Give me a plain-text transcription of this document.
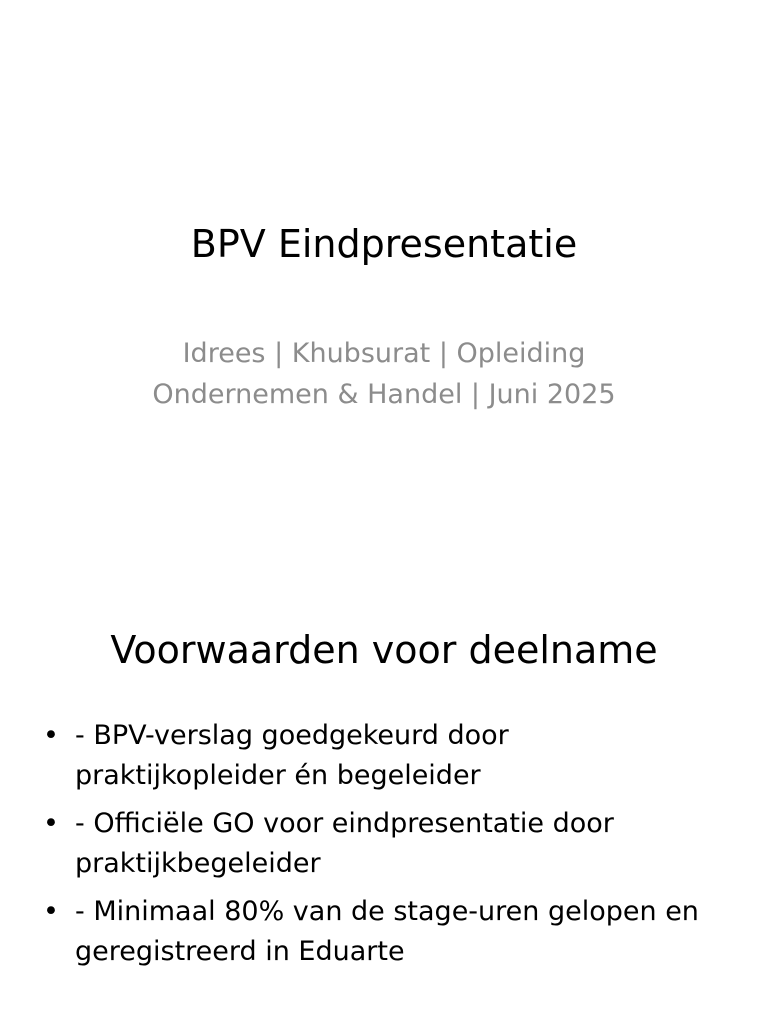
BPV Eindpresentatie
Idrees | Khubsurat | Opleiding
Ondernemen & Handel | Juni 2025
Voorwaarden voor deelname
• - BPV-verslag goedgekeurd door
praktijkopleider én begeleider
• - Officiële GO voor eindpresentatie door
praktijkbegeleider
• - Minimaal 80% van de stage-uren gelopen en
geregistreerd in Eduarte
